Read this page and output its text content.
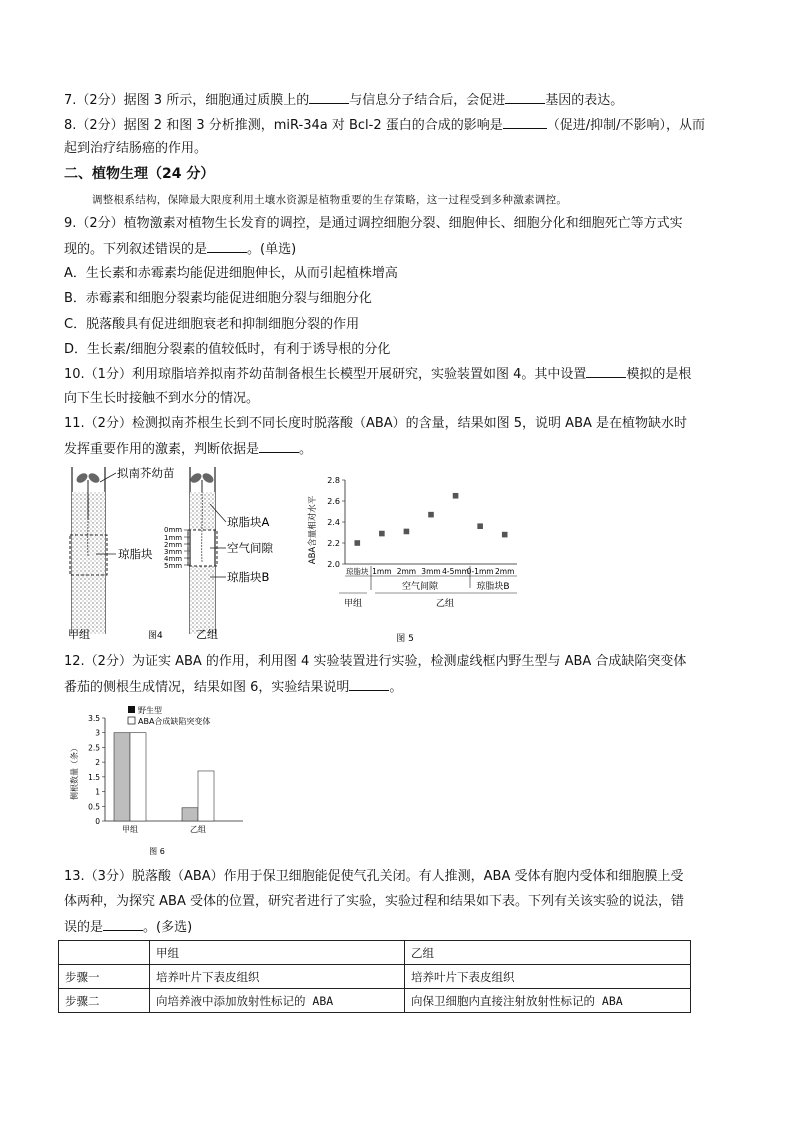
7.（2分）据图 3 所示，细胞通过质膜上的	与信息分子结合后，会促进	基因的表达。
8.（2分）据图 2 和图 3 分析推测，miR-34a 对 Bcl-2 蛋白的合成的影响是	（促进/抑制/不影响），从而
起到治疗结肠癌的作用。
二、植物生理（24 分）
调整根系结构，保障最大限度利用土壤水资源是植物重要的生存策略，这一过程受到多种激素调控。
9.（2分）植物激素对植物生长发育的调控，是通过调控细胞分裂、细胞伸长、细胞分化和细胞死亡等方式实
现的。下列叙述错误的是	。(单选)
A．生长素和赤霉素均能促进细胞伸长，从而引起植株增高
B．赤霉素和细胞分裂素均能促进细胞分裂与细胞分化
C．脱落酸具有促进细胞衰老和抑制细胞分裂的作用
D．生长素/细胞分裂素的值较低时，有利于诱导根的分化
10.（1分）利用琼脂培养拟南芥幼苗制备根生长模型开展研究，实验装置如图 4。其中设置	模拟的是根
向下生长时接触不到水分的情况。
11.（2分）检测拟南芥根生长到不同长度时脱落酸（ABA）的含量，结果如图 5，说明 ABA 是在植物缺水时
发挥重要作用的激素，判断依据是	。
拟南芥幼苗
琼脂块
甲组
0mm
1mm
2mm
3mm
4mm
5mm
琼脂块A
空气间隙
琼脂块B
乙组
图4
ABA含量相对水平
2.0
2.2
2.4
2.6
2.8
琼脂块 1mm 2mm 3mm 4-5mm
0-1mm 2mm
空气间隙	琼脂块B
甲组	乙组
图 5
12.（2分）为证实 ABA 的作用，利用图 4 实验装置进行实验，检测虚线框内野生型与 ABA 合成缺陷突变体
番茄的侧根生成情况，结果如图 6，实验结果说明	。
侧根数量（条）
0
0.5
1
1.5
2
2.5
3
3.5
甲组	乙组
野生型
ABA合成缺陷突变体
图 6
13.（3分）脱落酸（ABA）作用于保卫细胞能促使气孔关闭。有人推测，ABA 受体有胞内受体和细胞膜上受
体两种，为探究 ABA 受体的位置，研究者进行了实验，实验过程和结果如下表。下列有关该实验的说法，错
误的是	。(多选)
	甲组	乙组
步骤一	培养叶片下表皮组织	培养叶片下表皮组织
步骤二	向培养液中添加放射性标记的 ABA	向保卫细胞内直接注射放射性标记的 ABA
